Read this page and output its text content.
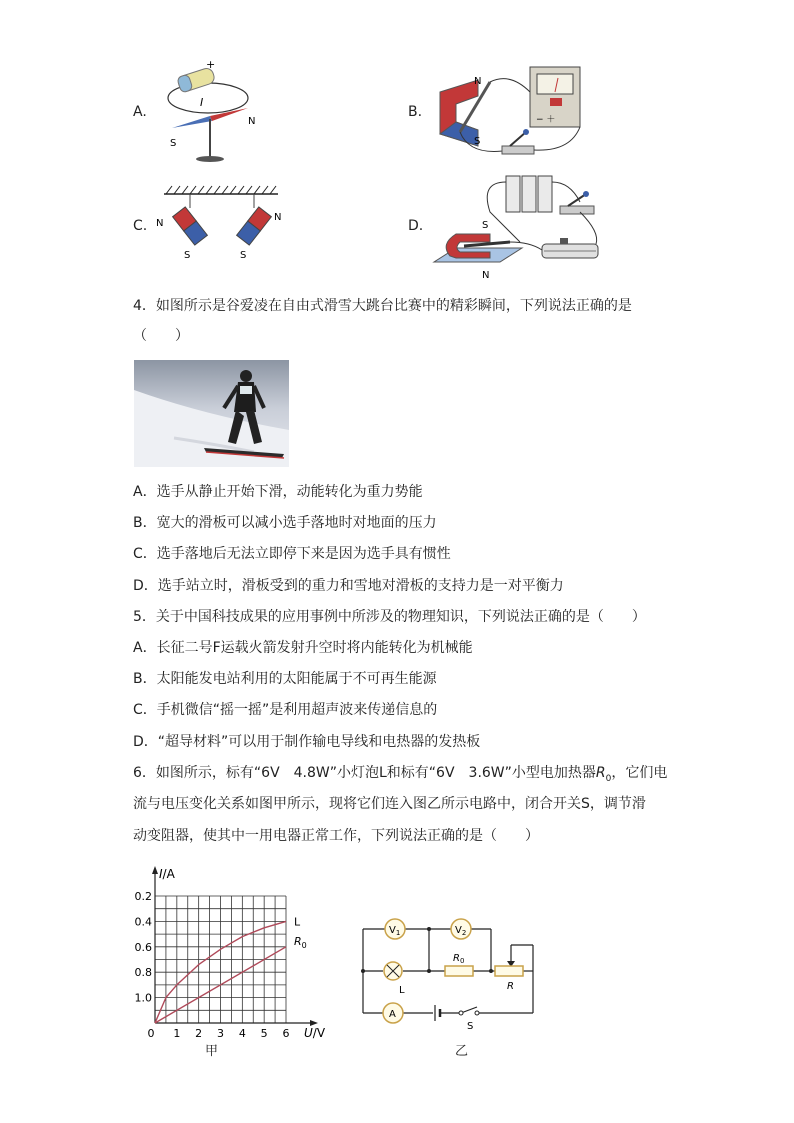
A.
+
I
S
N
B.
N
S
− ＋
C. N
S
N
S
D.	S
N
4．如图所示是谷爱凌在自由式滑雪大跳台比赛中的精彩瞬间，下列说法正确的是
（　　）
A．选手从静止开始下滑，动能转化为重力势能
B．宽大的滑板可以减小选手落地时对地面的压力
C．选手落地后无法立即停下来是因为选手具有惯性
D．选手站立时，滑板受到的重力和雪地对滑板的支持力是一对平衡力
5．关于中国科技成果的应用事例中所涉及的物理知识，下列说法正确的是（　　）
A．长征二号F运载火箭发射升空时将内能转化为机械能
B．太阳能发电站利用的太阳能属于不可再生能源
C．手机微信“摇一摇”是利用超声波来传递信息的
D．“超导材料”可以用于制作输电导线和电热器的发热板
6．如图所示，标有“6V　4.8W”小灯泡L和标有“6V　3.6W”小型电加热器$R_0$，它们电
流与电压变化关系如图甲所示，现将它们连入图乙所示电路中，闭合开关S，调节滑
动变阻器，使其中一用电器正常工作，下列说法正确的是（　　）
0.2
0.4
0.6
0.8
1.0
1 2 3 4 5 6
I/A
U/V
0
L
$R_0$
甲
$V_1$	$V_2$
L
$R_0$
R
A
S
乙
